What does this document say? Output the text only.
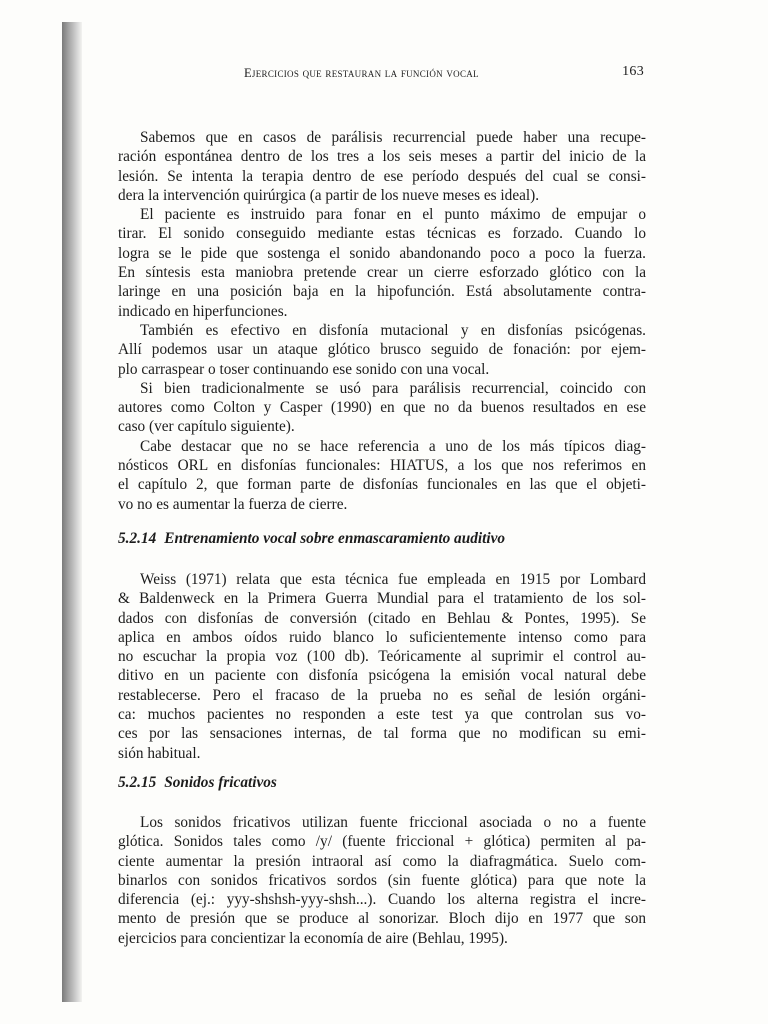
Ejercicios que restauran la función vocal	163
Sabemos que en casos de parálisis recurrencial puede haber una recupe-
ración espontánea dentro de los tres a los seis meses a partir del inicio de la
lesión. Se intenta la terapia dentro de ese período después del cual se consi-
dera la intervención quirúrgica (a partir de los nueve meses es ideal).
El paciente es instruido para fonar en el punto máximo de empujar o
tirar. El sonido conseguido mediante estas técnicas es forzado. Cuando lo
logra se le pide que sostenga el sonido abandonando poco a poco la fuerza.
En síntesis esta maniobra pretende crear un cierre esforzado glótico con la
laringe en una posición baja en la hipofunción. Está absolutamente contra-
indicado en hiperfunciones.
También es efectivo en disfonía mutacional y en disfonías psicógenas.
Allí podemos usar un ataque glótico brusco seguido de fonación: por ejem-
plo carraspear o toser continuando ese sonido con una vocal.
Si bien tradicionalmente se usó para parálisis recurrencial, coincido con
autores como Colton y Casper (1990) en que no da buenos resultados en ese
caso (ver capítulo siguiente).
Cabe destacar que no se hace referencia a uno de los más típicos diag-
nósticos ORL en disfonías funcionales: HIATUS, a los que nos referimos en
el capítulo 2, que forman parte de disfonías funcionales en las que el objeti-
vo no es aumentar la fuerza de cierre.
5.2.14 Entrenamiento vocal sobre enmascaramiento auditivo
Weiss (1971) relata que esta técnica fue empleada en 1915 por Lombard
& Baldenweck en la Primera Guerra Mundial para el tratamiento de los sol-
dados con disfonías de conversión (citado en Behlau & Pontes, 1995). Se
aplica en ambos oídos ruido blanco lo suficientemente intenso como para
no escuchar la propia voz (100 db). Teóricamente al suprimir el control au-
ditivo en un paciente con disfonía psicógena la emisión vocal natural debe
restablecerse. Pero el fracaso de la prueba no es señal de lesión orgáni-
ca: muchos pacientes no responden a este test ya que controlan sus vo-
ces por las sensaciones internas, de tal forma que no modifican su emi-
sión habitual.
5.2.15 Sonidos fricativos
Los sonidos fricativos utilizan fuente friccional asociada o no a fuente
glótica. Sonidos tales como /y/ (fuente friccional + glótica) permiten al pa-
ciente aumentar la presión intraoral así como la diafragmática. Suelo com-
binarlos con sonidos fricativos sordos (sin fuente glótica) para que note la
diferencia (ej.: yyy-shshsh-yyy-shsh...). Cuando los alterna registra el incre-
mento de presión que se produce al sonorizar. Bloch dijo en 1977 que son
ejercicios para concientizar la economía de aire (Behlau, 1995).
